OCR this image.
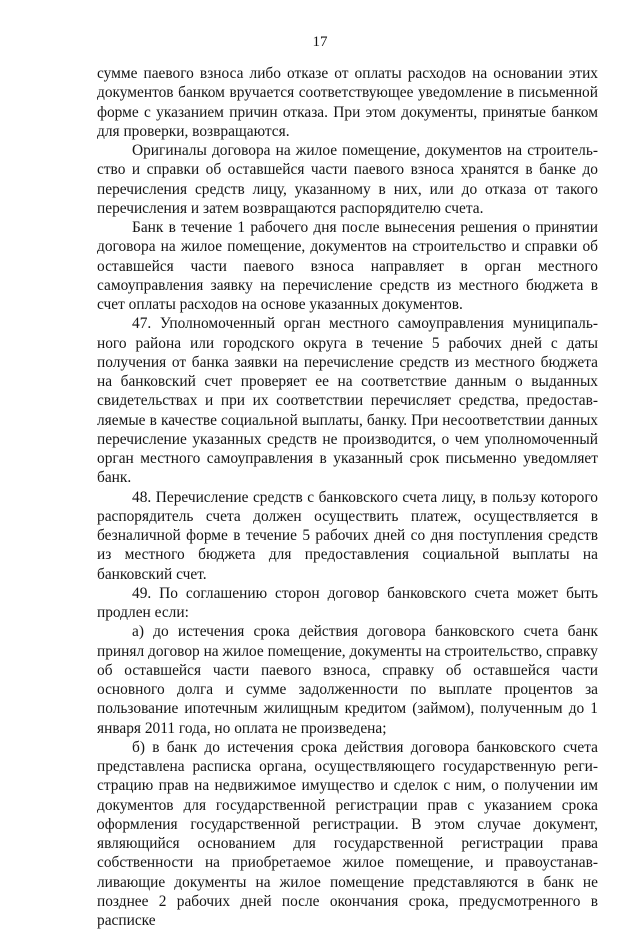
17

сумме паевого взноса либо отказе от оплаты расходов на основании этих документов банком вручается соответствующее уведомление в письменной форме с указанием причин отказа. При этом документы, принятые банком для проверки, возвращаются.

Оригиналы договора на жилое помещение, документов на строитель-ство и справки об оставшейся части паевого взноса хранятся в банке до перечисления средств лицу, указанному в них, или до отказа от такого перечисления и затем возвращаются распорядителю счета.

Банк в течение 1 рабочего дня после вынесения решения о принятии договора на жилое помещение, документов на строительство и справки об оставшейся части паевого взноса направляет в орган местного самоуправления заявку на перечисление средств из местного бюджета в счет оплаты расходов на основе указанных документов.

47. Уполномоченный орган местного самоуправления муниципаль-ного района или городского округа в течение 5 рабочих дней с даты получения от банка заявки на перечисление средств из местного бюджета на банковский счет проверяет ее на соответствие данным о выданных свидетельствах и при их соответствии перечисляет средства, предостав-ляемые в качестве социальной выплаты, банку. При несоответствии данных перечисление указанных средств не производится, о чем уполномоченный орган местного самоуправления в указанный срок письменно уведомляет банк.

48. Перечисление средств с банковского счета лицу, в пользу которого распорядитель счета должен осуществить платеж, осуществляется в безналичной форме в течение 5 рабочих дней со дня поступления средств из местного бюджета для предоставления социальной выплаты на банковский счет.

49. По соглашению сторон договор банковского счета может быть продлен если:

а) до истечения срока действия договора банковского счета банк принял договор на жилое помещение, документы на строительство, справку об оставшейся части паевого взноса, справку об оставшейся части основного долга и сумме задолженности по выплате процентов за пользование ипотечным жилищным кредитом (займом), полученным до 1 января 2011 года, но оплата не произведена;

б) в банк до истечения срока действия договора банковского счета представлена расписка органа, осуществляющего государственную реги-страцию прав на недвижимое имущество и сделок с ним, о получении им документов для государственной регистрации прав с указанием срока оформления государственной регистрации. В этом случае документ, являющийся основанием для государственной регистрации права собственности на приобретаемое жилое помещение, и правоустанав-ливающие документы на жилое помещение представляются в банк не позднее 2 рабочих дней после окончания срока, предусмотренного в расписке
